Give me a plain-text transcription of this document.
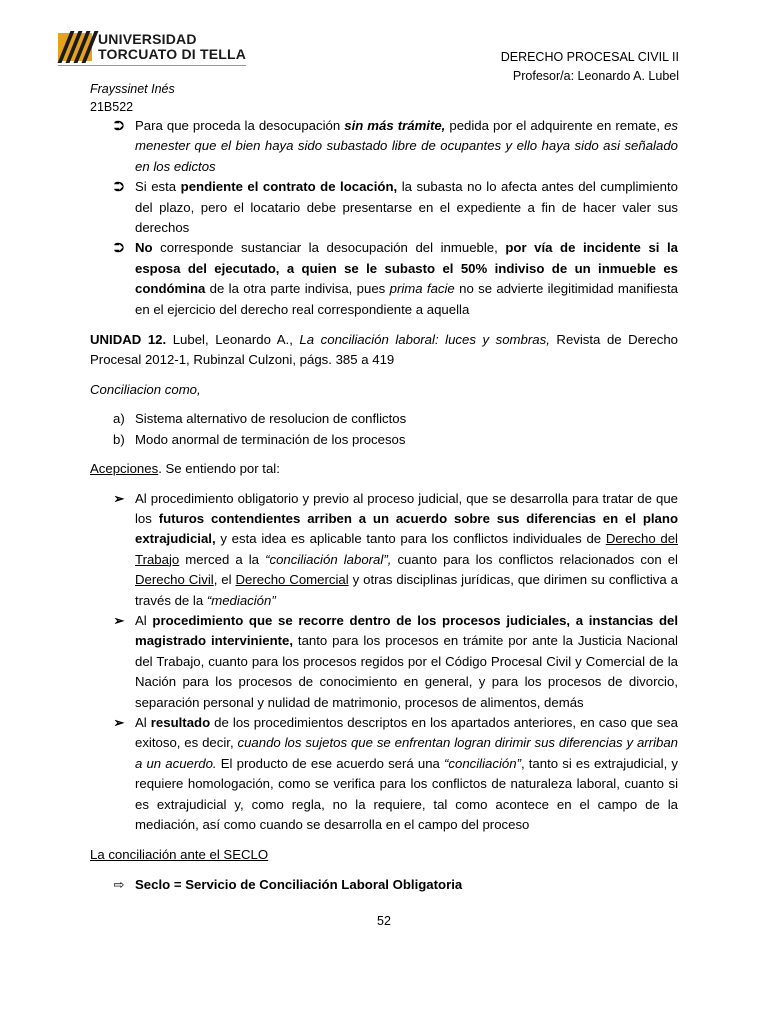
UNIVERSIDAD
TORCUATO DI TELLA	DERECHO PROCESAL CIVIL II
Profesor/a: Leonardo A. Lubel
Frayssinet Inés
21B522
⮊ Para que proceda la desocupación sin más trámite, pedida por el adquirente en remate, es menester que el bien haya sido subastado libre de ocupantes y ello haya sido asi señalado en los edictos
⮊ Si esta pendiente el contrato de locación, la subasta no lo afecta antes del cumplimiento del plazo, pero el locatario debe presentarse en el expediente a fin de hacer valer sus derechos
⮊ No corresponde sustanciar la desocupación del inmueble, por vía de incidente si la esposa del ejecutado, a quien se le subasto el 50% indiviso de un inmueble es condómina de la otra parte indivisa, pues prima facie no se advierte ilegitimidad manifiesta en el ejercicio del derecho real correspondiente a aquella

UNIDAD 12. Lubel, Leonardo A., La conciliación laboral: luces y sombras, Revista de Derecho Procesal 2012-1, Rubinzal Culzoni, págs. 385 a 419

Conciliacion como,

a) Sistema alternativo de resolucion de conflictos
b) Modo anormal de terminación de los procesos

Acepciones. Se entiendo por tal:

➢ Al procedimiento obligatorio y previo al proceso judicial, que se desarrolla para tratar de que los futuros contendientes arriben a un acuerdo sobre sus diferencias en el plano extrajudicial, y esta idea es aplicable tanto para los conflictos individuales de Derecho del Trabajo merced a la “conciliación laboral”, cuanto para los conflictos relacionados con el Derecho Civil, el Derecho Comercial y otras disciplinas jurídicas, que dirimen su conflictiva a través de la “mediación”
➢ Al procedimiento que se recorre dentro de los procesos judiciales, a instancias del magistrado interviniente, tanto para los procesos en trámite por ante la Justicia Nacional del Trabajo, cuanto para los procesos regidos por el Código Procesal Civil y Comercial de la Nación para los procesos de conocimiento en general, y para los procesos de divorcio, separación personal y nulidad de matrimonio, procesos de alimentos, demás
➢ Al resultado de los procedimientos descriptos en los apartados anteriores, en caso que sea exitoso, es decir, cuando los sujetos que se enfrentan logran dirimir sus diferencias y arriban a un acuerdo. El producto de ese acuerdo será una “conciliación”, tanto si es extrajudicial, y requiere homologación, como se verifica para los conflictos de naturaleza laboral, cuanto si es extrajudicial y, como regla, no la requiere, tal como acontece en el campo de la mediación, así como cuando se desarrolla en el campo del proceso

La conciliación ante el SECLO

⇨ Seclo = Servicio de Conciliación Laboral Obligatoria
52
